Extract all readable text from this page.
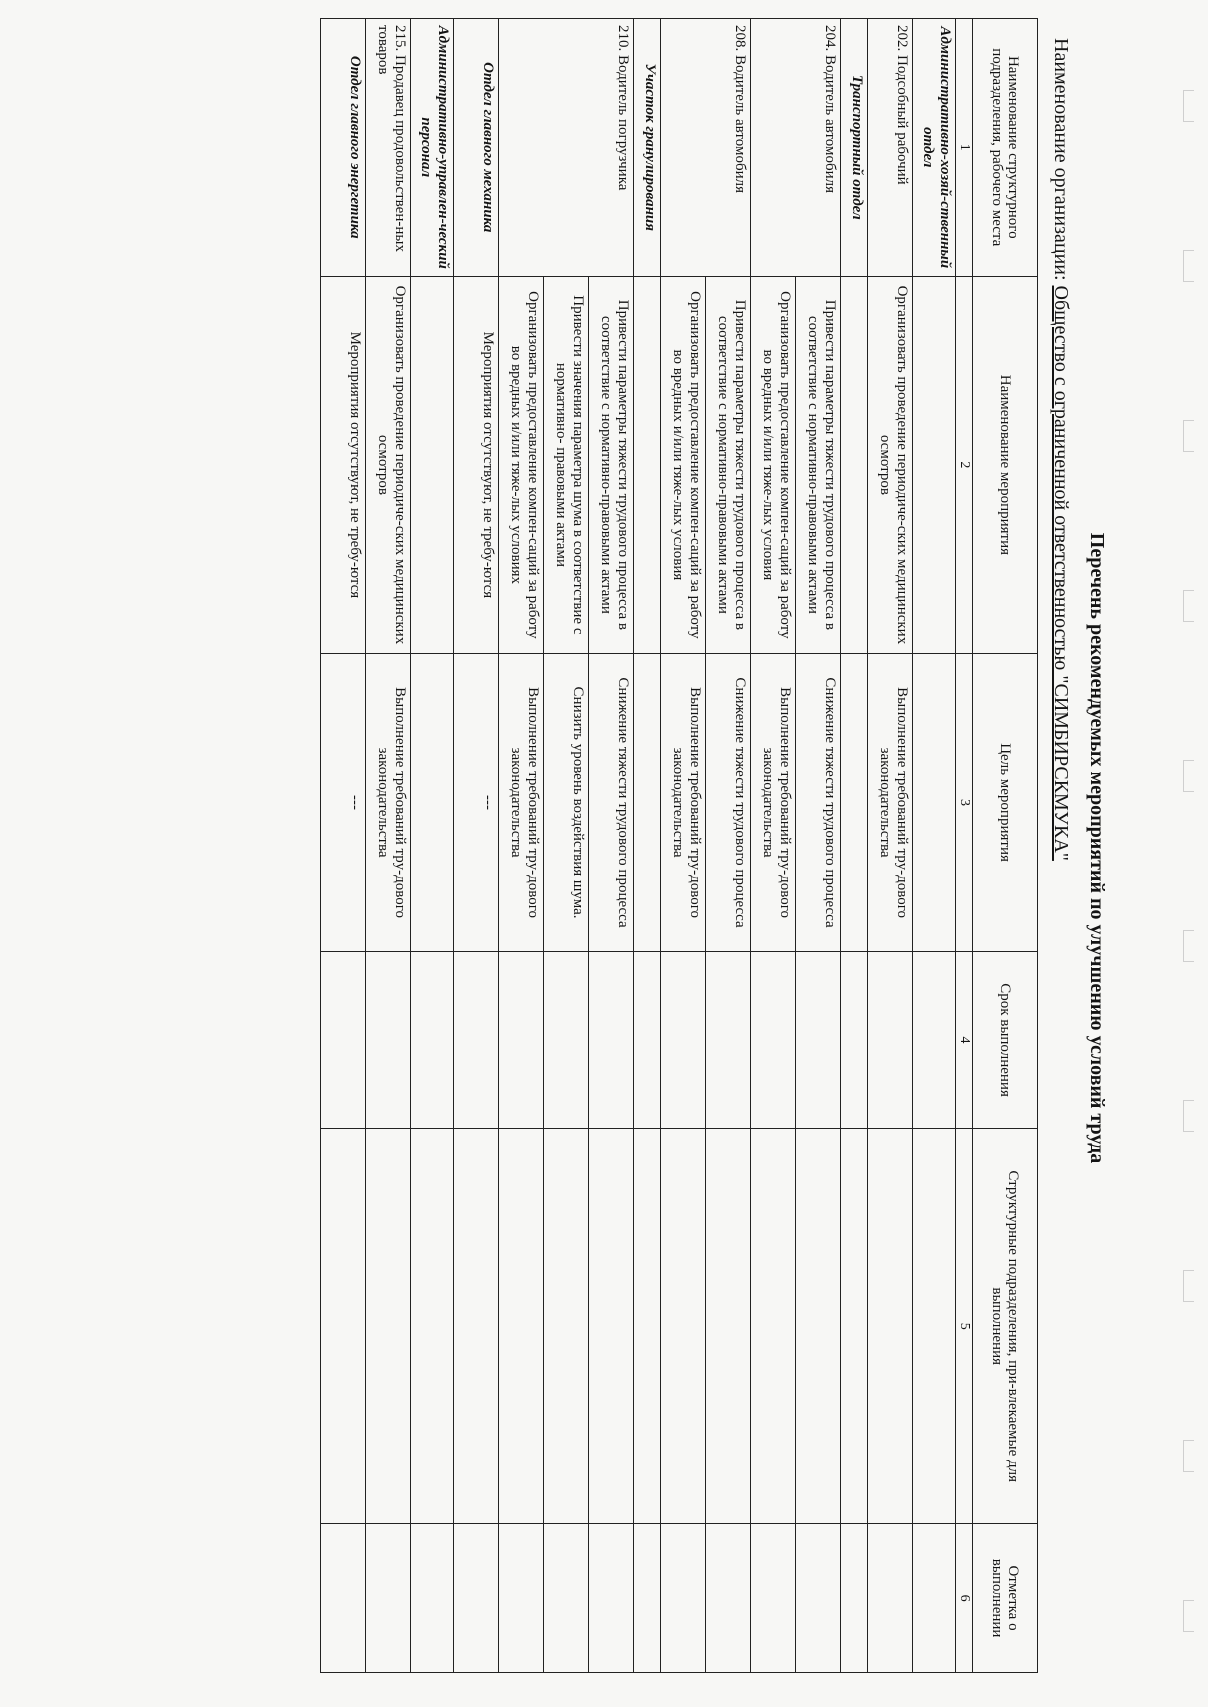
Перечень рекомендуемых мероприятий по улучшению условий труда
Наименование организации: Общество с ограниченной ответственностью "СИМБИРСКМУКА"
Наименование структурного подразделения, рабочего места	Наименование мероприятия	Цель мероприятия	Срок выполнения	Структурные подразделения, при-влекаемые для выполнения	Отметка о выполнении
1	2	3	4	5	6
Административно-хозяй-ственный отдел					
202. Подсобный рабочий	Организовать проведение периодиче-ских медицинских осмотров	Выполнение требований тру-дового законодательства			
Транспортный отдел					
204. Водитель автомобиля	Привести параметры тяжести трудового процесса в соответствие с нормативно-правовыми актами	Снижение тяжести трудового процесса			
	Организовать предоставление компен-саций за работу во вредных и/или тяже-лых условия	Выполнение требований тру-дового законодательства			
208. Водитель автомобиля	Привести параметры тяжести трудового процесса в соответствие с нормативно-правовыми актами	Снижение тяжести трудового процесса			
	Организовать предоставление компен-саций за работу во вредных и/или тяже-лых условия	Выполнение требований тру-дового законодательства			
Участок гранулирования					
210. Водитель погрузчика	Привести параметры тяжести трудового процесса в соответствие с нормативно-правовыми актами	Снижение тяжести трудового процесса			
	Привести значения параметра шума в соответствие с нормативно- правовыми актами	Снизить уровень воздействия шума.			
	Организовать предоставление компен-саций за работу во вредных и/или тяже-лых условиях	Выполнение требований тру-дового законодательства			
Отдел главного механика	Мероприятия отсутствуют, не требу-ются	---			
Административно-управлен-ческий персонал					
215. Продавец продовольствен-ных товаров	Организовать проведение периодиче-ских медицинских осмотров	Выполнение требований тру-дового законодательства			
Отдел главного энергетика	Мероприятия отсутствуют, не требу-ются	---			
